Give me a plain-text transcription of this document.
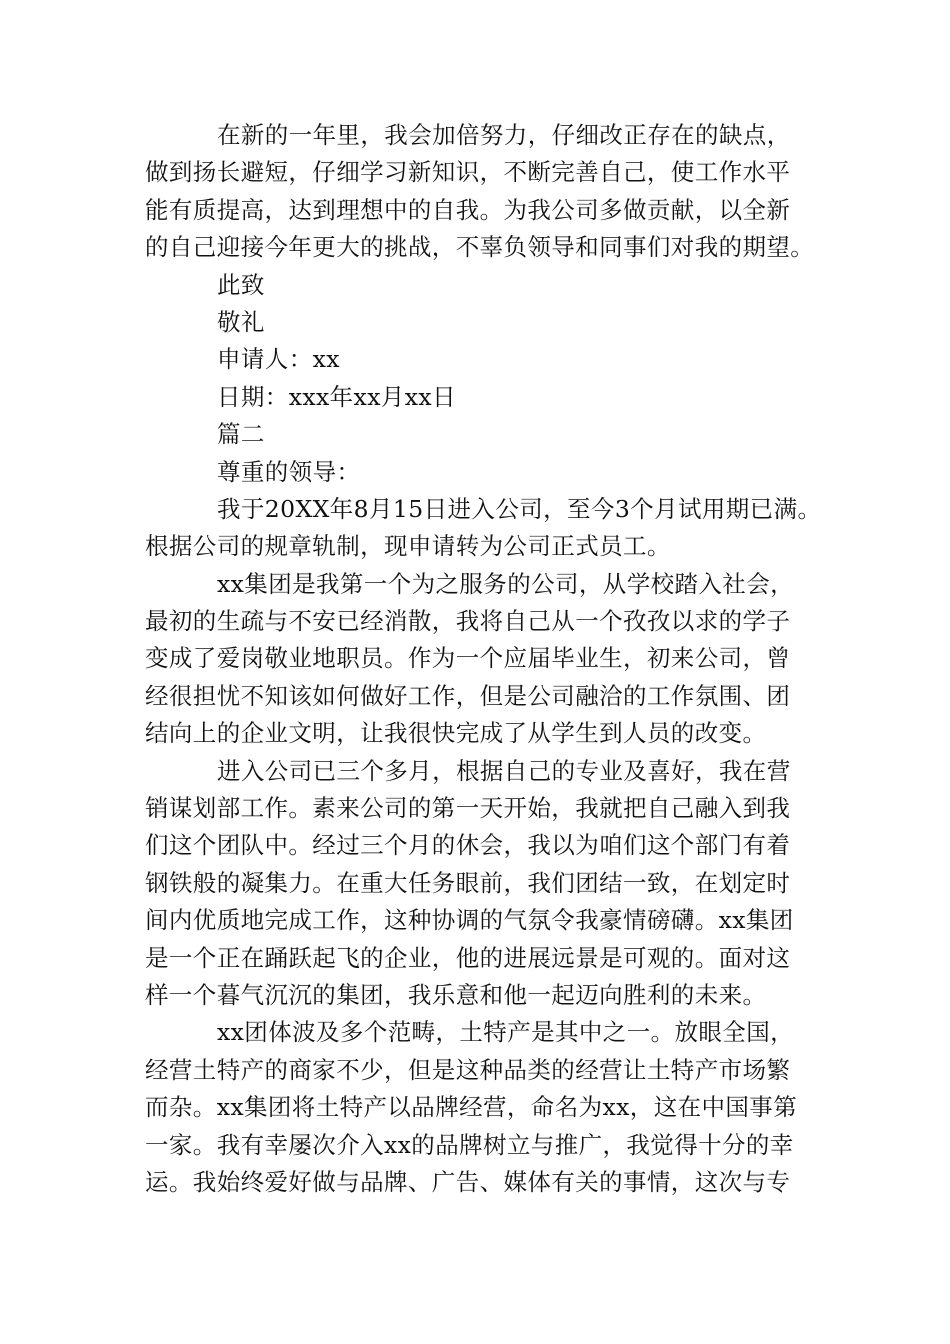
在新的一年里，我会加倍努力，仔细改正存在的缺点，
做到扬长避短，仔细学习新知识，不断完善自己，使工作水平
能有质提高，达到理想中的自我。为我公司多做贡献，以全新
的自己迎接今年更大的挑战，不辜负领导和同事们对我的期望。
此致
敬礼
申请人：xx
日期：xxx年xx月xx日
篇二
尊重的领导：
我于20XX年8月15日进入公司，至今3个月试用期已满。
根据公司的规章轨制，现申请转为公司正式员工。
xx集团是我第一个为之服务的公司，从学校踏入社会，
最初的生疏与不安已经消散，我将自己从一个孜孜以求的学子
变成了爱岗敬业地职员。作为一个应届毕业生，初来公司，曾
经很担忧不知该如何做好工作，但是公司融洽的工作氛围、团
结向上的企业文明，让我很快完成了从学生到人员的改变。
进入公司已三个多月，根据自己的专业及喜好，我在营
销谋划部工作。素来公司的第一天开始，我就把自己融入到我
们这个团队中。经过三个月的休会，我以为咱们这个部门有着
钢铁般的凝集力。在重大任务眼前，我们团结一致，在划定时
间内优质地完成工作，这种协调的气氛令我豪情磅礴。xx集团
是一个正在踊跃起飞的企业，他的进展远景是可观的。面对这
样一个暮气沉沉的集团，我乐意和他一起迈向胜利的未来。
xx团体波及多个范畴，土特产是其中之一。放眼全国，
经营土特产的商家不少，但是这种品类的经营让土特产市场繁
而杂。xx集团将土特产以品牌经营，命名为xx，这在中国事第
一家。我有幸屡次介入xx的品牌树立与推广，我觉得十分的幸
运。我始终爱好做与品牌、广告、媒体有关的事情，这次与专
